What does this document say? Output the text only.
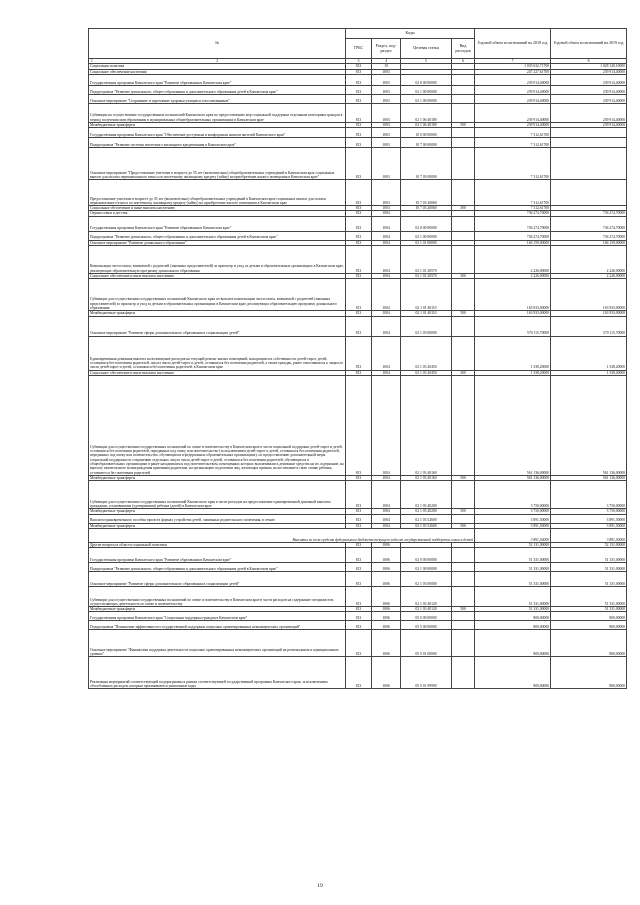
№	Коды				Годовой объем ассигнований на 2018 год	Годовой объем ассигнований на 2019 год
	ГРБС	Раздел, под-раздел	Целевая статья	Вид расходов		

1 2	3	4	5	6	7	8
Социальная политика	813	10			1 035 632,71700	1 028 120,10000
Социальное обеспечение населения	813	1003			247 227,61700	239 914,40000
Государственная программа Камчатского края "Развитие образования в Камчатском крае"	813	1003	02 0 00 00000		239 914,40000	239 914,40000
Подпрограмма "Развитие дошкольного, общего образования и дополнительного образования детей в Камчатском крае"	813	1003	02 1 00 00000		239 914,40000	239 914,40000
Основное мероприятие "Сохранение и укрепление здоровья учащихся и воспитанников"	813	1003	02 1 06 00000		239 914,40000	239 914,40000
Субвенции на осуществление государственных полномочий Камчатского края по предоставлению мер социальной поддержки отдельным категориям граждан в период получения ими образования в муниципальных общеобразовательных организациях в Камчатском крае	813	1003	02 1 06 40180		239 914,40000	239 914,40000
Межбюджетные трансферты	813	1003	02 1 06 40180	500	239 914,40000	239 914,40000
Государственная программа Камчатского края "Обеспечение доступным и комфортным жильем жителей Камчатского края"	813	1003	10 0 00 00000		7 312,61700	
Подпрограмма "Развитие системы ипотечного жилищного кредитования в Камчатском крае"	813	1003	10 7 00 00000		7 312,61700	
Основное мероприятие "Предоставление учителям в возрасте до 35 лет (включительно) общеобразовательных учреждений в Камчатском крае социальных выплат для оплаты первоначального взноса по ипотечному жилищному кредиту (займу) на приобретение жилого помещения в Камчатском крае"	813	1003	10 7 03 00000		7 312,61700	
Предоставление учителям в возрасте до 35 лет (включительно) общеобразовательных учреждений в Камчатском крае социальных выплат для оплаты первоначального взноса по ипотечному жилищному кредиту (займу) на приобретение жилого помещения в Камчатском крае	813	1003	10 7 03 20060		7 312,61700	
Социальные обеспечение и иные выплаты населению	813	1003	10 7 03 20060	300	7 312,61700	
Охрана семьи и детства	813	1004			736 274,70000	736 274,70000
Государственная программа Камчатского края "Развитие образования в Камчатском крае"	813	1004	02 0 00 00000		736 274,70000	736 274,70000
Подпрограмма "Развитие дошкольного, общего образования и дополнительного образования детей в Камчатском крае"	813	1004	02 1 00 00000		736 274,70000	736 274,70000
Основное мероприятие "Развитие дошкольного образования"	813	1004	02 1 01 00000		166 159,00000	166 159,00000
Компенсация части платы, взимаемой с родителей (законных представителей) за присмотр и уход за детьми в образовательных организациях в Камчатском крае, реализующих образовательную программу дошкольного образования	813	1004	02 1 01 20570		2 226,00000	2 226,00000
Социальное обеспечение и иные выплаты населению	813	1004	02 1 01 20570	300	2 226,00000	2 226,00000
Субвенции для осуществления государственных полномочий Камчатского края по выплате компенсации части платы, взимаемой с родителей (законных представителей) за присмотр и уход за детьми в образовательных организациях в Камчатском крае, реализующих образовательную программу дошкольного образования	813	1004	02 1 01 40110		163 933,00000	163 933,00000
Межбюджетные трансферты	813	1004	02 1 01 40110	500	163 933,00000	163 933,00000
Основное мероприятие "Развитие сферы дополнительного образования в социализации детей"	813	1004	02 1 03 00000		570 115,70000	570 115,70000
Единовременная денежная выплата на возмещение расходов на текущий ремонт жилых помещений, находящихся в собственности детей-сирот, детей, оставшихся без попечения родителей, лиц из числа детей-сирот и детей, оставшихся без попечения родителей, а также граждан, ранее относившихся к лицам из числа детей-сирот и детей, оставшихся без попечения родителей, в Камчатском крае	813	1004	02 1 03 20450		1 338,20000	1 338,20000
Социальное обеспечение и иные выплаты населению	813	1004	02 1 03 20450	300	1 338,20000	1 338,20000
Субвенции для осуществления государственных полномочий по опеке и попечительству в Камчатском крае в части социальной поддержки детей-сирот и детей, оставшихся без попечения родителей, переданных под опеку или попечительство (за исключением детей-сирот и детей, оставшихся без попечения родителей, переданных под опеку или попечительство, обучающихся в федеральных образовательных организациях), по предоставлению дополнительной меры социальной поддержки по сохранению отдельных лиц из числа детей-сирот и детей, оставшихся без попечения родителей, обучающихся в общеобразовательных организациях в ранее находившихся под попечительством, помещенных которых выплачивались денежные средства на их содержание, на выплату ежемесячного вознаграждения приемным родителям, на организацию подготовки лиц, желающих принять на воспитание в свою семью ребенка, оставшегося без попечения родителей	813	1004	02 1 03 40160		561 136,00000	561 136,00000
Межбюджетные трансферты	813	1004	02 1 03 40160	500	561 136,00000	561 136,00000
Субвенции для осуществления государственных полномочий Камчатского края в части расходов на предоставление единовременной денежной выплаты гражданам, усыновившим (удочерившим) ребенка (детей) в Камчатском крае	813	1004	02 1 03 40200		3 750,00000	3 750,00000
Межбюджетные трансферты	813	1004	02 1 03 40200	500	3 750,00000	3 750,00000
Выплата единовременного пособия при всех формах устройства детей, лишенных родительского попечения, в семью	813	1004	02 1 03 52600		3 891,50000	3 891,50000
Межбюджетные трансферты	813	1004	02 1 03 52600	500	3 891,50000	3 891,50000
Выплаты за счет средств федерального бюджета текущего года от государственной поддержки семьи и детей					3 891,50000	3 891,50000
Другие вопросы в области социальной политики	813	1006			52 131,00000	52 131,00000
Государственная программа Камчатского края "Развитие образования в Камчатском крае"	813	1006	02 0 00 00000		51 331,00000	51 331,00000
Подпрограмма "Развитие дошкольного, общего образования и дополнительного образования детей в Камчатском крае"	813	1006	02 1 00 00000		51 331,00000	51 331,00000
Основное мероприятие "Развитие сферы дополнительного образования в социализации детей"	813	1006	02 1 03 00000		51 331,00000	51 331,00000
Субвенции для осуществления государственных полномочий по опеке и попечительству в Камчатском крае в части расходов на содержание специалистов, осуществляющих деятельность по опеке и попечительству	813	1006	02 1 03 40120		51 331,00000	51 331,00000
Межбюджетные трансферты	813	1006	02 1 03 40120	500	51 331,00000	51 331,00000
Государственная программа Камчатского края "Социальная поддержка граждан в Камчатском крае"	813	1006	05 0 00 00000		800,00000	800,00000
Подпрограмма "Повышение эффективности государственной поддержки социально ориентированных некоммерческих организаций"	813	1006	05 5 00 00000		800,00000	800,00000
Основное мероприятие "Финансовая поддержка деятельности социально ориентированных некоммерческих организаций на региональном и муниципальном уровнях"	813	1006	05 5 01 00000		800,00000	800,00000
Реализация мероприятий соответствующей подпрограммы в рамках соответствующей государственной программы Камчатского края, за исключением обособленных расходов, которым присваиваются уникальные коды	813	1006	05 5 01 99990		800,00000	800,00000
19
